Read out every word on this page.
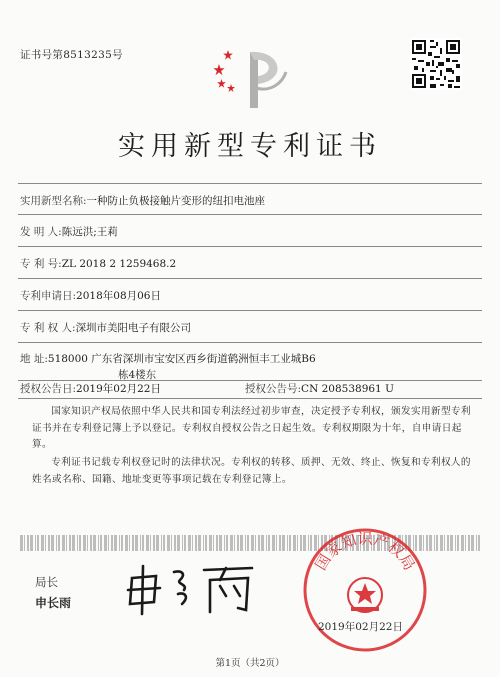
证书号第8513235号
实用新型专利证书
实用新型名称:一种防止负极接触片变形的纽扣电池座
发 明 人:陈远洪;王莉
专 利 号:ZL 2018 2 1259468.2
专利申请日:2018年08月06日
专 利 权 人:深圳市美阳电子有限公司
地 址:518000 广东省深圳市宝安区西乡街道鹤洲恒丰工业城B6
栋4楼东
授权公告日:2019年02月22日	授权公告号:CN 208538961 U
国家知识产权局依照中华人民共和国专利法经过初步审查，决定授予专利权，颁发实用新型专利证书并在专利登记簿上予以登记。专利权自授权公告之日起生效。专利权期限为十年，自申请日起算。
专利证书记载专利权登记时的法律状况。专利权的转移、质押、无效、终止、恢复和专利权人的姓名或名称、国籍、地址变更等事项记载在专利登记簿上。
局长
申长雨
国家知识产权局
2019年02月22日
第1页（共2页）
